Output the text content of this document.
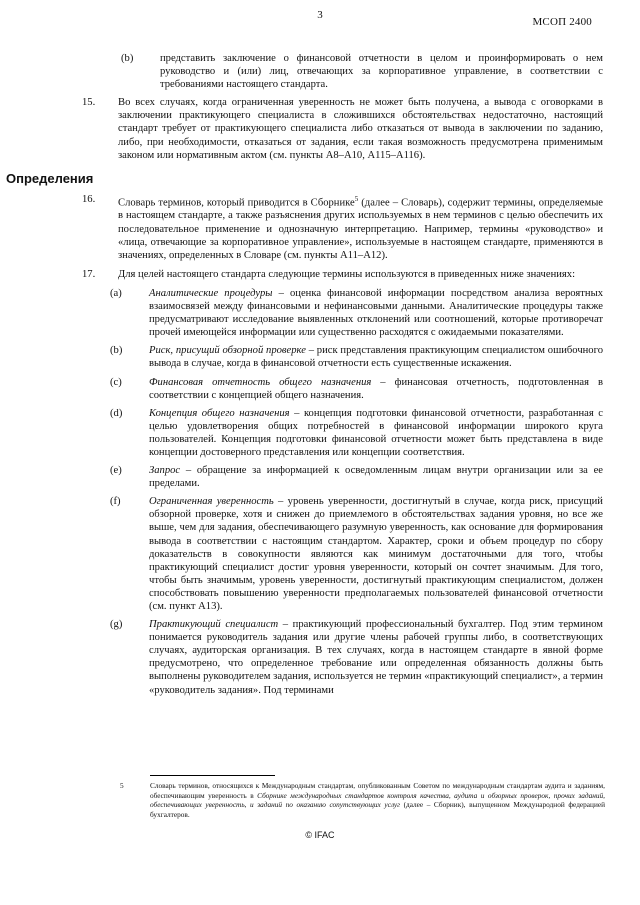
3
МСОП 2400
(b)	представить заключение о финансовой отчетности в целом и проинформировать о нем руководство и (или) лиц, отвечающих за корпоративное управление, в соответствии с требованиями настоящего стандарта.
15.	Во всех случаях, когда ограниченная уверенность не может быть получена, а вывода с оговорками в заключении практикующего специалиста в сложившихся обстоятельствах недостаточно, настоящий стандарт требует от практикующего специалиста либо отказаться от вывода в заключении по заданию, либо, при необходимости, отказаться от задания, если такая возможность предусмотрена применимым законом или нормативным актом (см. пункты А8–А10, А115–А116).
Определения
16.	Словарь терминов, который приводится в Сборнике$^5$ (далее – Словарь), содержит термины, определяемые в настоящем стандарте, а также разъяснения других используемых в нем терминов с целью обеспечить их последовательное применение и однозначную интерпретацию. Например, термины «руководство» и «лица, отвечающие за корпоративное управление», используемые в настоящем стандарте, применяются в значениях, определенных в Словаре (см. пункты А11–А12).
17.	Для целей настоящего стандарта следующие термины используются в приведенных ниже значениях:
(a)	Аналитические процедуры – оценка финансовой информации посредством анализа вероятных взаимосвязей между финансовыми и нефинансовыми данными. Аналитические процедуры также предусматривают исследование выявленных отклонений или соотношений, которые противоречат прочей имеющейся информации или существенно расходятся с ожидаемыми показателями.
(b)	Риск, присущий обзорной проверке – риск представления практикующим специалистом ошибочного вывода в случае, когда в финансовой отчетности есть существенные искажения.
(c)	Финансовая отчетность общего назначения – финансовая отчетность, подготовленная в соответствии с концепцией общего назначения.
(d)	Концепция общего назначения – концепция подготовки финансовой отчетности, разработанная с целью удовлетворения общих потребностей в финансовой информации широкого круга пользователей. Концепция подготовки финансовой отчетности может быть представлена в виде концепции достоверного представления или концепции соответствия.
(e)	Запрос – обращение за информацией к осведомленным лицам внутри организации или за ее пределами.
(f)	Ограниченная уверенность – уровень уверенности, достигнутый в случае, когда риск, присущий обзорной проверке, хотя и снижен до приемлемого в обстоятельствах задания уровня, но все же выше, чем для задания, обеспечивающего разумную уверенность, как основание для формирования вывода в соответствии с настоящим стандартом. Характер, сроки и объем процедур по сбору доказательств в совокупности являются как минимум достаточными для того, чтобы практикующий специалист достиг уровня уверенности, который он сочтет значимым. Для того, чтобы быть значимым, уровень уверенности, достигнутый практикующим специалистом, должен способствовать повышению уверенности предполагаемых пользователей финансовой отчетности (см. пункт А13).
(g)	Практикующий специалист – практикующий профессиональный бухгалтер. Под этим термином понимается руководитель задания или другие члены рабочей группы либо, в соответствующих случаях, аудиторская организация. В тех случаях, когда в настоящем стандарте в явной форме предусмотрено, что определенное требование или определенная обязанность должны быть выполнены руководителем задания, используется не термин «практикующий специалист», а термин «руководитель задания». Под терминами
5	Словарь терминов, относящихся к Международным стандартам, опубликованным Советом по международным стандартам аудита и заданиям, обеспечивающим уверенность в Сборнике международных стандартов контроля качества, аудита и обзорных проверок, прочих заданий, обеспечивающих уверенность, и заданий по оказанию сопутствующих услуг (далее – Сборник), выпущенном Международной федерацией бухгалтеров.
© IFAC
